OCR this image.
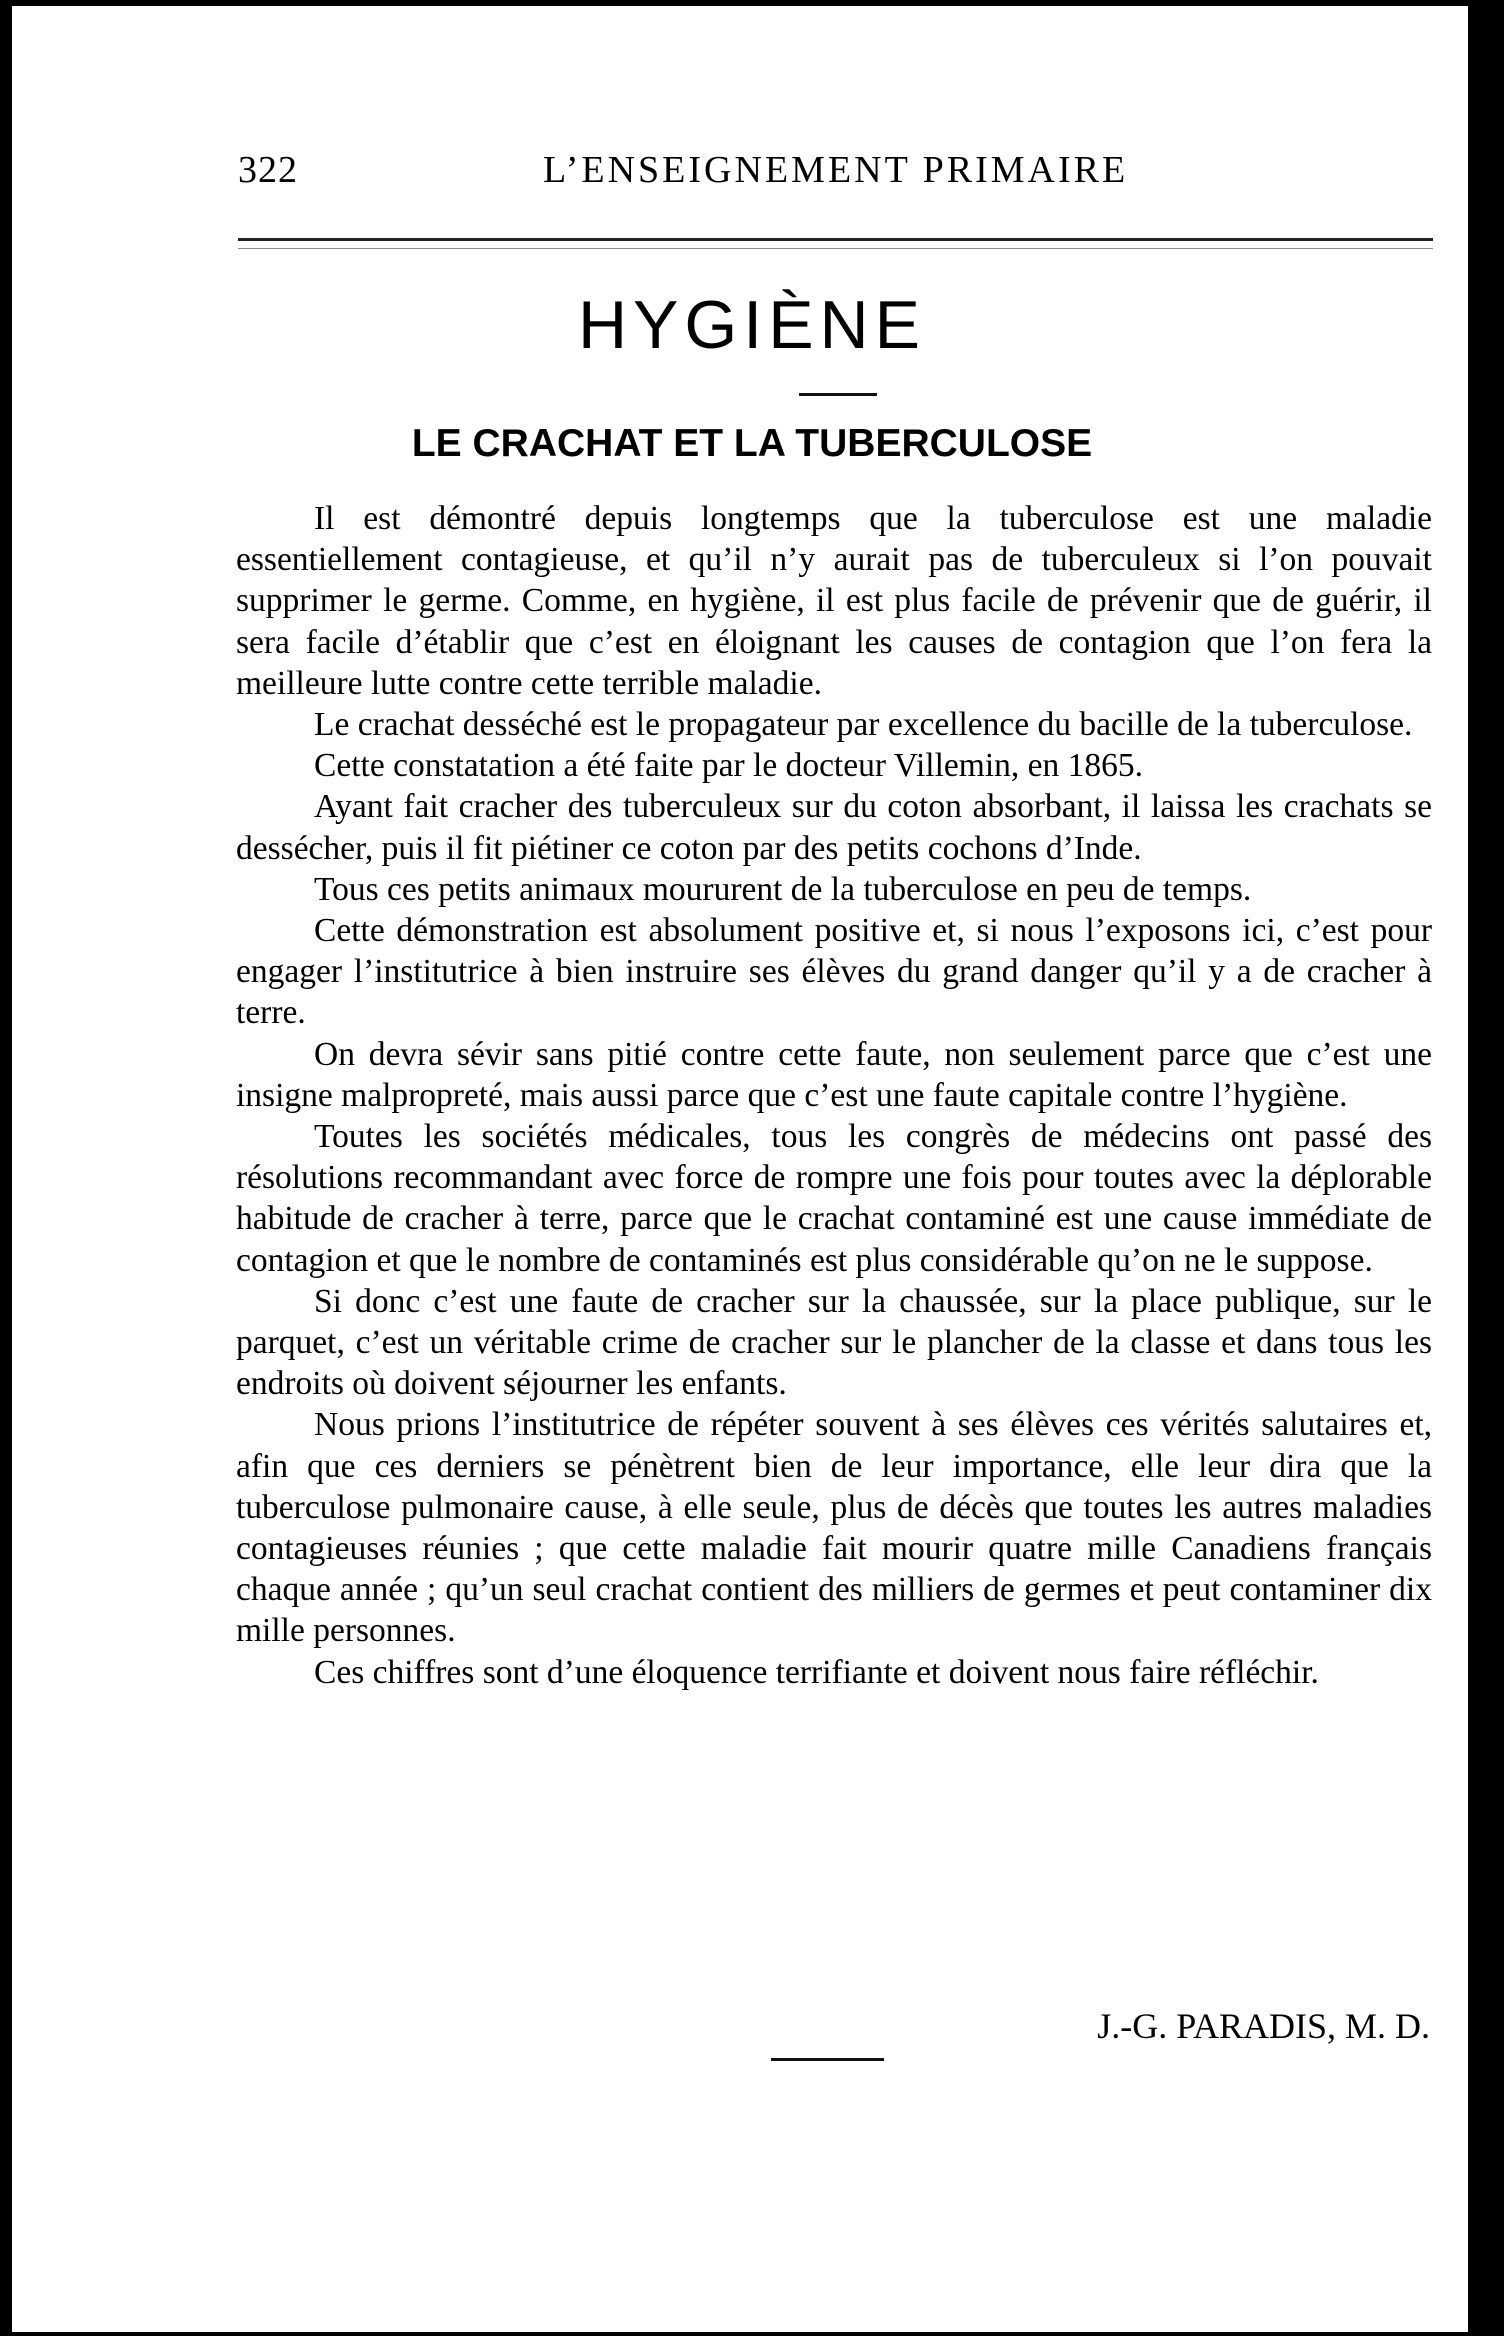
322	L’ENSEIGNEMENT PRIMAIRE
HYGIÈNE
LE CRACHAT ET LA TUBERCULOSE

Il est démontré depuis longtemps que la tuberculose est une maladie essentiellement contagieuse, et qu’il n’y aurait pas de tuberculeux si l’on pouvait supprimer le germe. Comme, en hygiène, il est plus facile de prévenir que de guérir, il sera facile d’établir que c’est en éloignant les causes de contagion que l’on fera la meilleure lutte contre cette terrible maladie.

Le crachat desséché est le propagateur par excellence du bacille de la tuberculose.

Cette constatation a été faite par le docteur Villemin, en 1865.

Ayant fait cracher des tuberculeux sur du coton absorbant, il laissa les crachats se dessécher, puis il fit piétiner ce coton par des petits cochons d’Inde.

Tous ces petits animaux moururent de la tuberculose en peu de temps.

Cette démonstration est absolument positive et, si nous l’exposons ici, c’est pour engager l’institutrice à bien instruire ses élèves du grand danger qu’il y a de cracher à terre.

On devra sévir sans pitié contre cette faute, non seulement parce que c’est une insigne malpropreté, mais aussi parce que c’est une faute capitale contre l’hygiène.

Toutes les sociétés médicales, tous les congrès de médecins ont passé des résolutions recommandant avec force de rompre une fois pour toutes avec la déplorable habitude de cracher à terre, parce que le crachat contaminé est une cause immédiate de contagion et que le nombre de contaminés est plus considérable qu’on ne le suppose.

Si donc c’est une faute de cracher sur la chaussée, sur la place publique, sur le parquet, c’est un véritable crime de cracher sur le plancher de la classe et dans tous les endroits où doivent séjourner les enfants.

Nous prions l’institutrice de répéter souvent à ses élèves ces vérités salutaires et, afin que ces derniers se pénètrent bien de leur importance, elle leur dira que la tuberculose pulmonaire cause, à elle seule, plus de décès que toutes les autres maladies contagieuses réunies ; que cette maladie fait mourir quatre mille Canadiens français chaque année ; qu’un seul crachat contient des milliers de germes et peut contaminer dix mille personnes.

Ces chiffres sont d’une éloquence terrifiante et doivent nous faire réfléchir.

J.-G. PARADIS, M. D.
